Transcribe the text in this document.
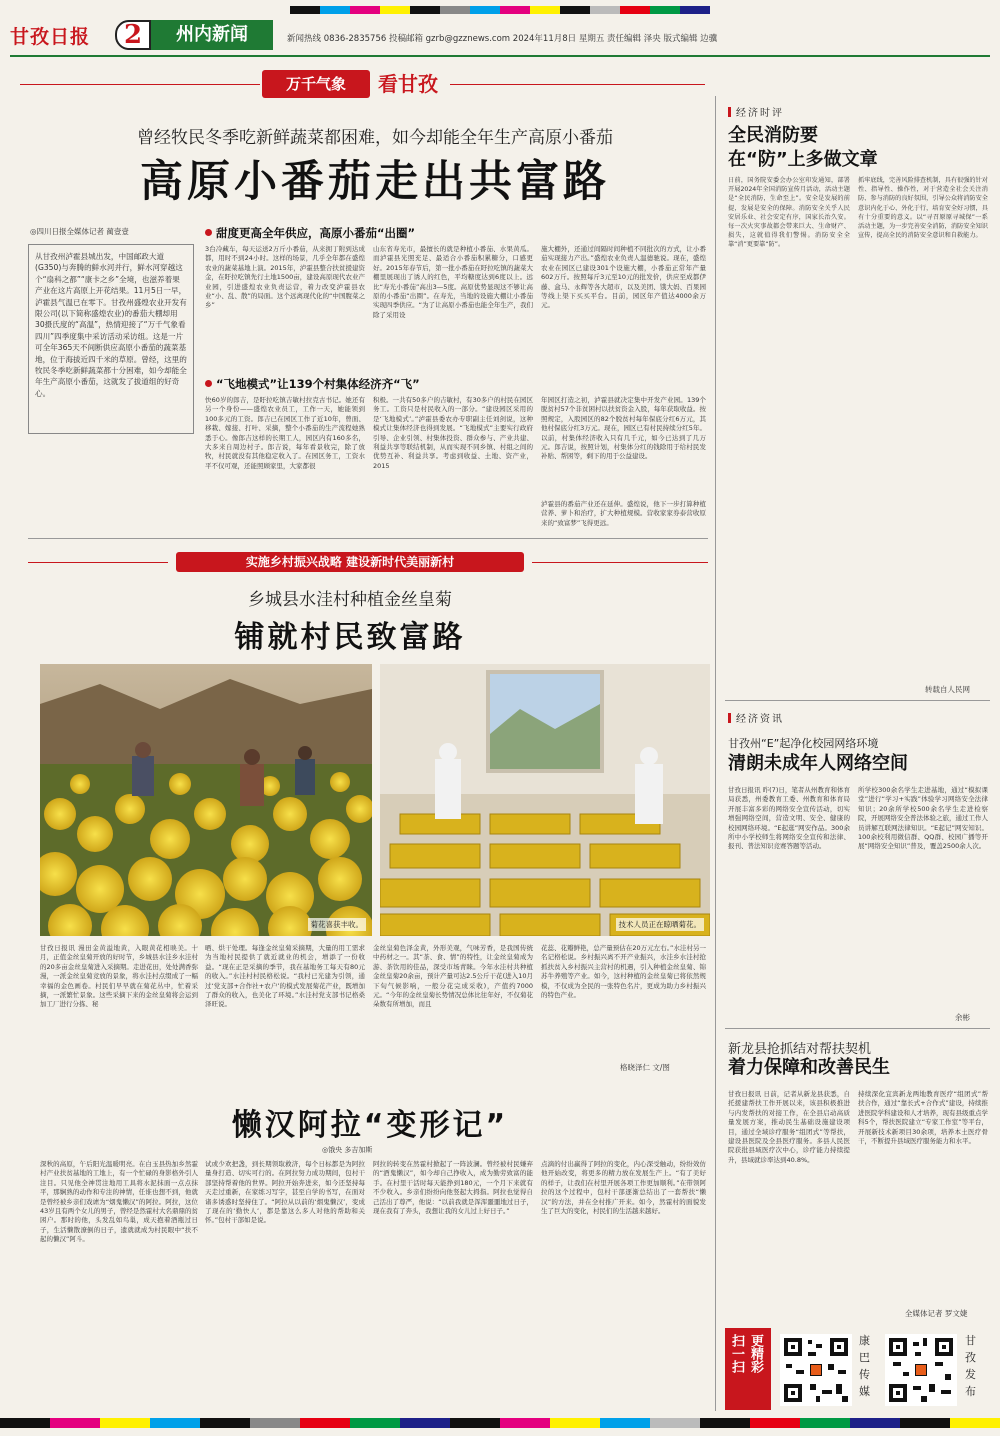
甘孜日报	2	州内新闻	新闻热线 0836-2835756 投稿邮箱 gzrb@gzznews.com 2024年11月8日 星期五 责任编辑 泽央 版式编辑 边骥
万千气象	看甘孜
曾经牧民冬季吃新鲜蔬菜都困难，如今却能全年生产高原小番茄
高原小番茄走出共富路
◎四川日报全媒体记者 蔺壹壹	甜度更高全年供应，高原小番茄“出圈”
从甘孜州泸霍县城出发，中国邮政大道(G350)与奔腾的鲜水河并行，鲜水河穿越这个“扇科之都”“康卡之乡”全境，也滋养着果产业在这片高原上开花结果。11月5日一早，泸霍县气温已在零下。甘孜州盛煌农业开发有限公司(以下简称盛煌农业)的番茄大棚却用30摄氏度的“高温”，热情迎接了“万千气象看四川”四季度集中采访活动采访组。这是一片可全年365天不间断供应高原小番茄的蔬菜基地，位于海拔近四千米的草原。曾经，这里的牧民冬季吃新鲜蔬菜都十分困难，如今却能全年生产高原小番茄，这就发了拔道组的好奇心。
3台冷藏车，每天运送2万斤小番茄，从来拥丁附到达成都，用时不到24小时。这样的场景，几乎全年都在盛煌农业的蔬菜基地上演。2015年，泸霍县整合扶贫援建资金，在盱拉吃镇先行土地1500亩，建设高原现代农业产业园，引进盛煌农业负责运营，着力改变泸霍县农业“小、乱、散”的局面。这个远离现代化的“中国腹菜之乡”
山东省寿光市，最擅长的就是种植小番茄、水果黄瓜。而泸霍县光照充足、最适合小番茄积累糖分，口感更好。2015年春节后，第一批小番茄在盱拉吃镇的蔬菜大棚里展现出了诱人的红色，平均糖度达到6度以上。远比“寿光小番茄”高出3—5度。高原优势显现这不够让高原的小番茄“出圈”。在寿光，当地的设施大棚让小番茄实现四季供应。“为了让高原小番茄也能全年生产，我们除了采用设
施大棚外，还通过间隔时间种植不同批次的方式，让小番茄实现接力产出。”盛煌农业负责人温德驰说。现在，盛煌农业在园区已建设301个设施大棚，小番茄正常年产量602万斤。按照每斤3元至10元的批发价，供应至成都伊藤、盒马、永辉等各大超市，以及美团、饿大妈、百果园等线上渠下买买平台。目前，园区年产值达4000余万元。
“飞地模式”让139个村集体经济齐“飞”
快60岁的郎吉，是盱拉吃镇吉敏村拉克古书记。她还有另一个身份——盛煌农业员工，工作一天，她能领到100多元的工资。郎吉已在园区工作了近10年，曾面、移栽、嫁接、打叶、采摘，整个小番茄的生产流程她熟悉于心。像郎吉这样的长期工人，园区内有160多名，大多来自周边村子。郎吉说，每年看景收完，除了放牧，村民就没有其他稳定收入了。在园区务工，工资水平不仅可观，还能照顾家里，大家都很
积极。一共有50多户的吉敏村，有30多户的村民在园区务工。工资只是村民收入的一部分。“建设园区采用的是‘飞地模式’。”泸霍县委农办专职副主任刘剑说，这种模式让集体经济也得到发展。“飞地模式”主要实行政府引导、企业引领、村集体投资、群众参与、产业共建、利益共享等联结机制，从而实现不同乡镇、村组之间的优势互补、利益共享。考虑到收益、土地、资产业，2015
年园区打造之初，泸霍县就决定集中开发产业园。139个脱贫村57个非贫困村以扶贫资金入股，每年获取收益。按照规定，入股园区的82个脱贫村每年保底分红6万元，其他村保底分红3万元。现在，园区已有村民持续分红5年。以前，村集体经济收入只有几千元，如今已达到了几万元。郎吉说，按照计划，村集体分红的钱除用于给村民发补贴、帮困等，剩下的用于公益建设。
泸霍县的番茄产业还在延伸。盛煌说，他下一步打算种植营养、萝卜和治疗，扩大种植规模。营收家家券泰营收原来的“致富梦”飞得更远。
实施乡村振兴战略 建设新时代美丽新村
乡城县水洼村种植金丝皇菊
铺就村民致富路
菊花喜获丰收。	技术人员正在晾晒菊花。
甘孜日报讯 漫田金黄溢地黄，入眼黄花相映美。十月，正值金丝皇菊开放的好时节，乡城县水洼乡水洼村的20多亩金丝皇菊进入采摘期。走进花田，处处满香弥漫，一派金丝皇菊竞放的景象，将水洼村点缀成了一幅幸福的金色画卷。村民们早早就在菊花丛中，忙着采摘，一派繁忙景象。这些采摘下来的金丝皇菊将会运到加工厂进行分拣、秘
晒、烘干处理。每逢金丝皇菊采摘期，大量的用工需求为当地村民提供了就近就业的机会，增添了一份收益。“现在正是采摘的季节，我在基地务工每天有80元的收入。”水洼村村民格松说。“我村已光建为引领，通过‘党支部+合作社+农户’的模式发展菊花产业，既增加了群众的收入，也美化了环境。”水洼村党支部书记格桑泽旺说。
金丝皇菊色泽金黄，外形美观，气味芳香，是我国传统中药材之一。其“茶、食、情”的特性，让金丝皇菊成为游、茶饮用的佳品，深受市场青睐。今年水洼村共种植金丝皇菊20余亩，预计产量可达2.5公斤干花(进入10月下旬气候影响，一般分花完成采收)，产值约7000元。“今年的金丝皇菊长势情况总体比往年好，不仅菊花朵数有所增加，而且
花蕊、花瓣鲜艳，总产量预估在20万元左右。”水洼村另一名记格松说。乡村振兴离不开产业振兴，水洼乡水洼村抢抓扶贫入乡村振兴主营村的机遇，引入种植金丝皇菊、锦苏牛养殖等产业。如今，这村种植的金丝皇菊已将依然规模，不仅成为全民的一张特色名片，更成为助力乡村振兴的特色产业。
格晓泽仁 文/图
懒汉阿拉“变形记”
◎饿央 多吉加斯
深秋的高原，午后阳光温暖明亮。在白玉县热加乡然霍村产业扶贫基地的工地上，有一个忙碌的身影格外引人注目。只见他全神贯注地用工具将水泥抹面一点点抹平，那娴熟的动作和专注的神情，任谁也想不到，他就是曾经被乡亲们戏谑为“烟鬼懒汉”的阿拉。阿拉，这位43岁且有两个女儿的男子，曾经是然霍村大名鼎鼎的贫困户。那时的他，头发乱如鸟巢，成天抱着酒瓶过日子，生活懒散潦倒的日子，遗就就成为村民眼中“扶不起的懒汉”阿斗。
试或少欢把盏，到长期领取救济，每个日标都是为阿拉量身打造、切实可行的。在阿拉努力成功期间，包村干部坚持帮着他的世界。阿拉开始奔进来，如今还坚持每天走过重新，在家练习写字，甚至自学的书写，在面对诸多诱惑时坚持住了。“阿拉从以前的‘烟鬼懒汉’，变成了现在的‘勤快人’，都是靠这么多人对他的帮助和关怀。”包村干部如是说。
阿拉的转变在然霍村掀起了一阵波澜。曾经被村民嫌弃的“酒鬼懒汉”，如今却自己挣收入，成为勤劳致富的能手。在村里干活时每天能挣到180元，一个月下来就有不少收入。乡亲们纷纷向他竖起大拇指。阿拉也觉得自己活出了尊严，他说：“以前我就是浑浑噩噩地过日子，现在我有了奔头，我想让我的女儿过上好日子。”
点滴的付出赢得了阿拉的变化，内心深受触动，纷纷效仿他开始改变，将更多的精力放在发展生产上。“有了美好的样子，让我们在村里开展各项工作更加顺利。”在带领阿拉的这个过程中，包村干部逐渐总结出了一套帮扶“懒汉”的方法，并在全村推广开来。如今，然霍村的面貌发生了巨大的变化，村民们的生活越来越好。
经济时评
全民消防要在“防”上多做文章
日前，国务院安委会办公室印发通知，部署开展2024年全国消防宣传月活动，活动主题是“全民消防，生命至上”。安全是发展的前提，发展是安全的保障。消防安全关乎人民安居乐业、社会安定有序，国家长治久安。每一次火灾事故都会带来巨大、生命财产、损失，这就值得我们警惕。消防安全全靠“消”更要靠“防”。
抓牢底线，完善风险排查机制，具有很强的针对性、指导性、操作性，对于营造全社会关注消防、参与消防的良好氛围，引导公众将消防安全意识内化于心、外化于行，培育安全好习惯，具有十分重要的意义。以“寻召原原寻城保”一系活动主题，为一步完善安全消防，消防安全知识宣传，提高全民的消防安全意识和自救能力。
转载自人民网
经济资讯
甘孜州“E”起净化校园网络环境
清朗未成年人网络空间
甘孜日报讯 昨(7)日，笔者从州教育和体育局获悉，州委教育工委、州教育和体育局开展丰富多彩的网络安全宣传活动，切实增强网络空间，营造文明、安全、健康的校园网络环境。“E起逛”网安作品。300余所中小学校师生将网络安全宣传和法律、报刊、普法知识竞赛答题等活动。
所学校300余名学生走进基地，通过“模拟课堂”进行“学习+实践”体验学习网络安全法律知识；20余所学校500余名学生走进检察院，开展网络安全普法体验之旅，通过工作人员讲解互联网法律知识。“E起记”网安知识。100余校利用微信群、QQ群、校园广播等开展“网络安全知识”普及，覆盖2500余人次。
余彬
新龙县抢抓结对帮扶契机
着力保障和改善民生
甘孜日报讯 日前，记者从新龙县获悉，自托援建帮扶工作开展以来，该县积极推进与内发帮扶的对接工作，在全县启动高质量发展方案，推动民生基础设施建设项目，通过全域诊疗服务“组团式”等帮扶，建设县医院及全县医疗服务。多县人民医院获批县域医疗次中心，诊疗能力持续提升，县域就诊率达到40.8%。
持续深化宜宾新龙两地教育医疗“组团式”帮扶合作，通过“靠长式+合作式”建设，持续推进医院学科建设和人才培养，现有县级重点学科5个，帮扶医院建立“专家工作室”等平台，开展新技术新项目30余项，培养本土医疗骨干，不断提升县域医疗服务能力和水平。
全媒体记者 罗文婕
扫一扫 更精彩	康巴传媒
甘孜发布
